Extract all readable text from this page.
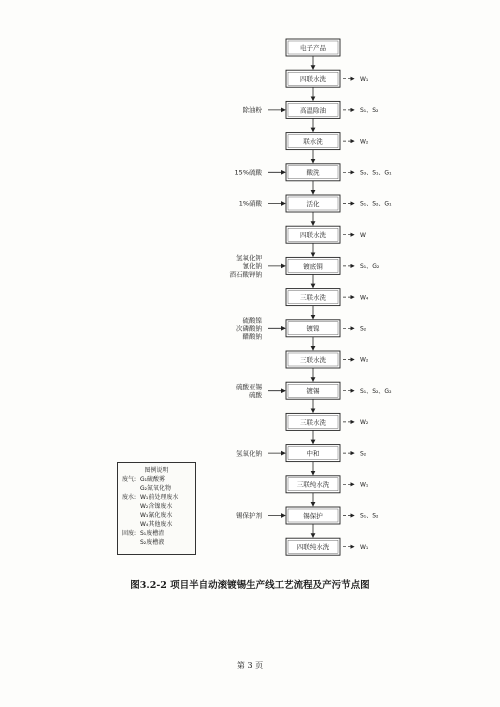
电子产品
四联水洗	W₁
高温除油	S₁、S₂
除油粉
联水洗	W₂
酸洗	S₃、S₁、G₁
15%硫酸
活化	S₁、S₂、G₁
1%硝酸
四联水洗	W
镀底铜	S₁、G₂
氢氧化钾氰化钠酒石酸钾钠
三联水洗	W₄
镀镍	S₂
硫酸镍次磷酸钠醋酸钠
三联水洗	W₂
镀锡	S₁、S₂、G₂
硫酸亚锡硫酸
三联水洗	W₂
中和	S₂
氢氧化钠
三联纯水洗	W₁
锡保护	S₁、S₂
锡保护剂
四联纯水洗	W₁
图例说明
废气: G₁硫酸雾
G₂氮氧化物
废水: W₁前处理废水
W₂含镍废水
W₃氰化废水
W₄其他废水
固废: S₁废槽渣
S₂废槽液
图3.2-2 项目半自动滚镀锡生产线工艺流程及产污节点图
第 3 页
